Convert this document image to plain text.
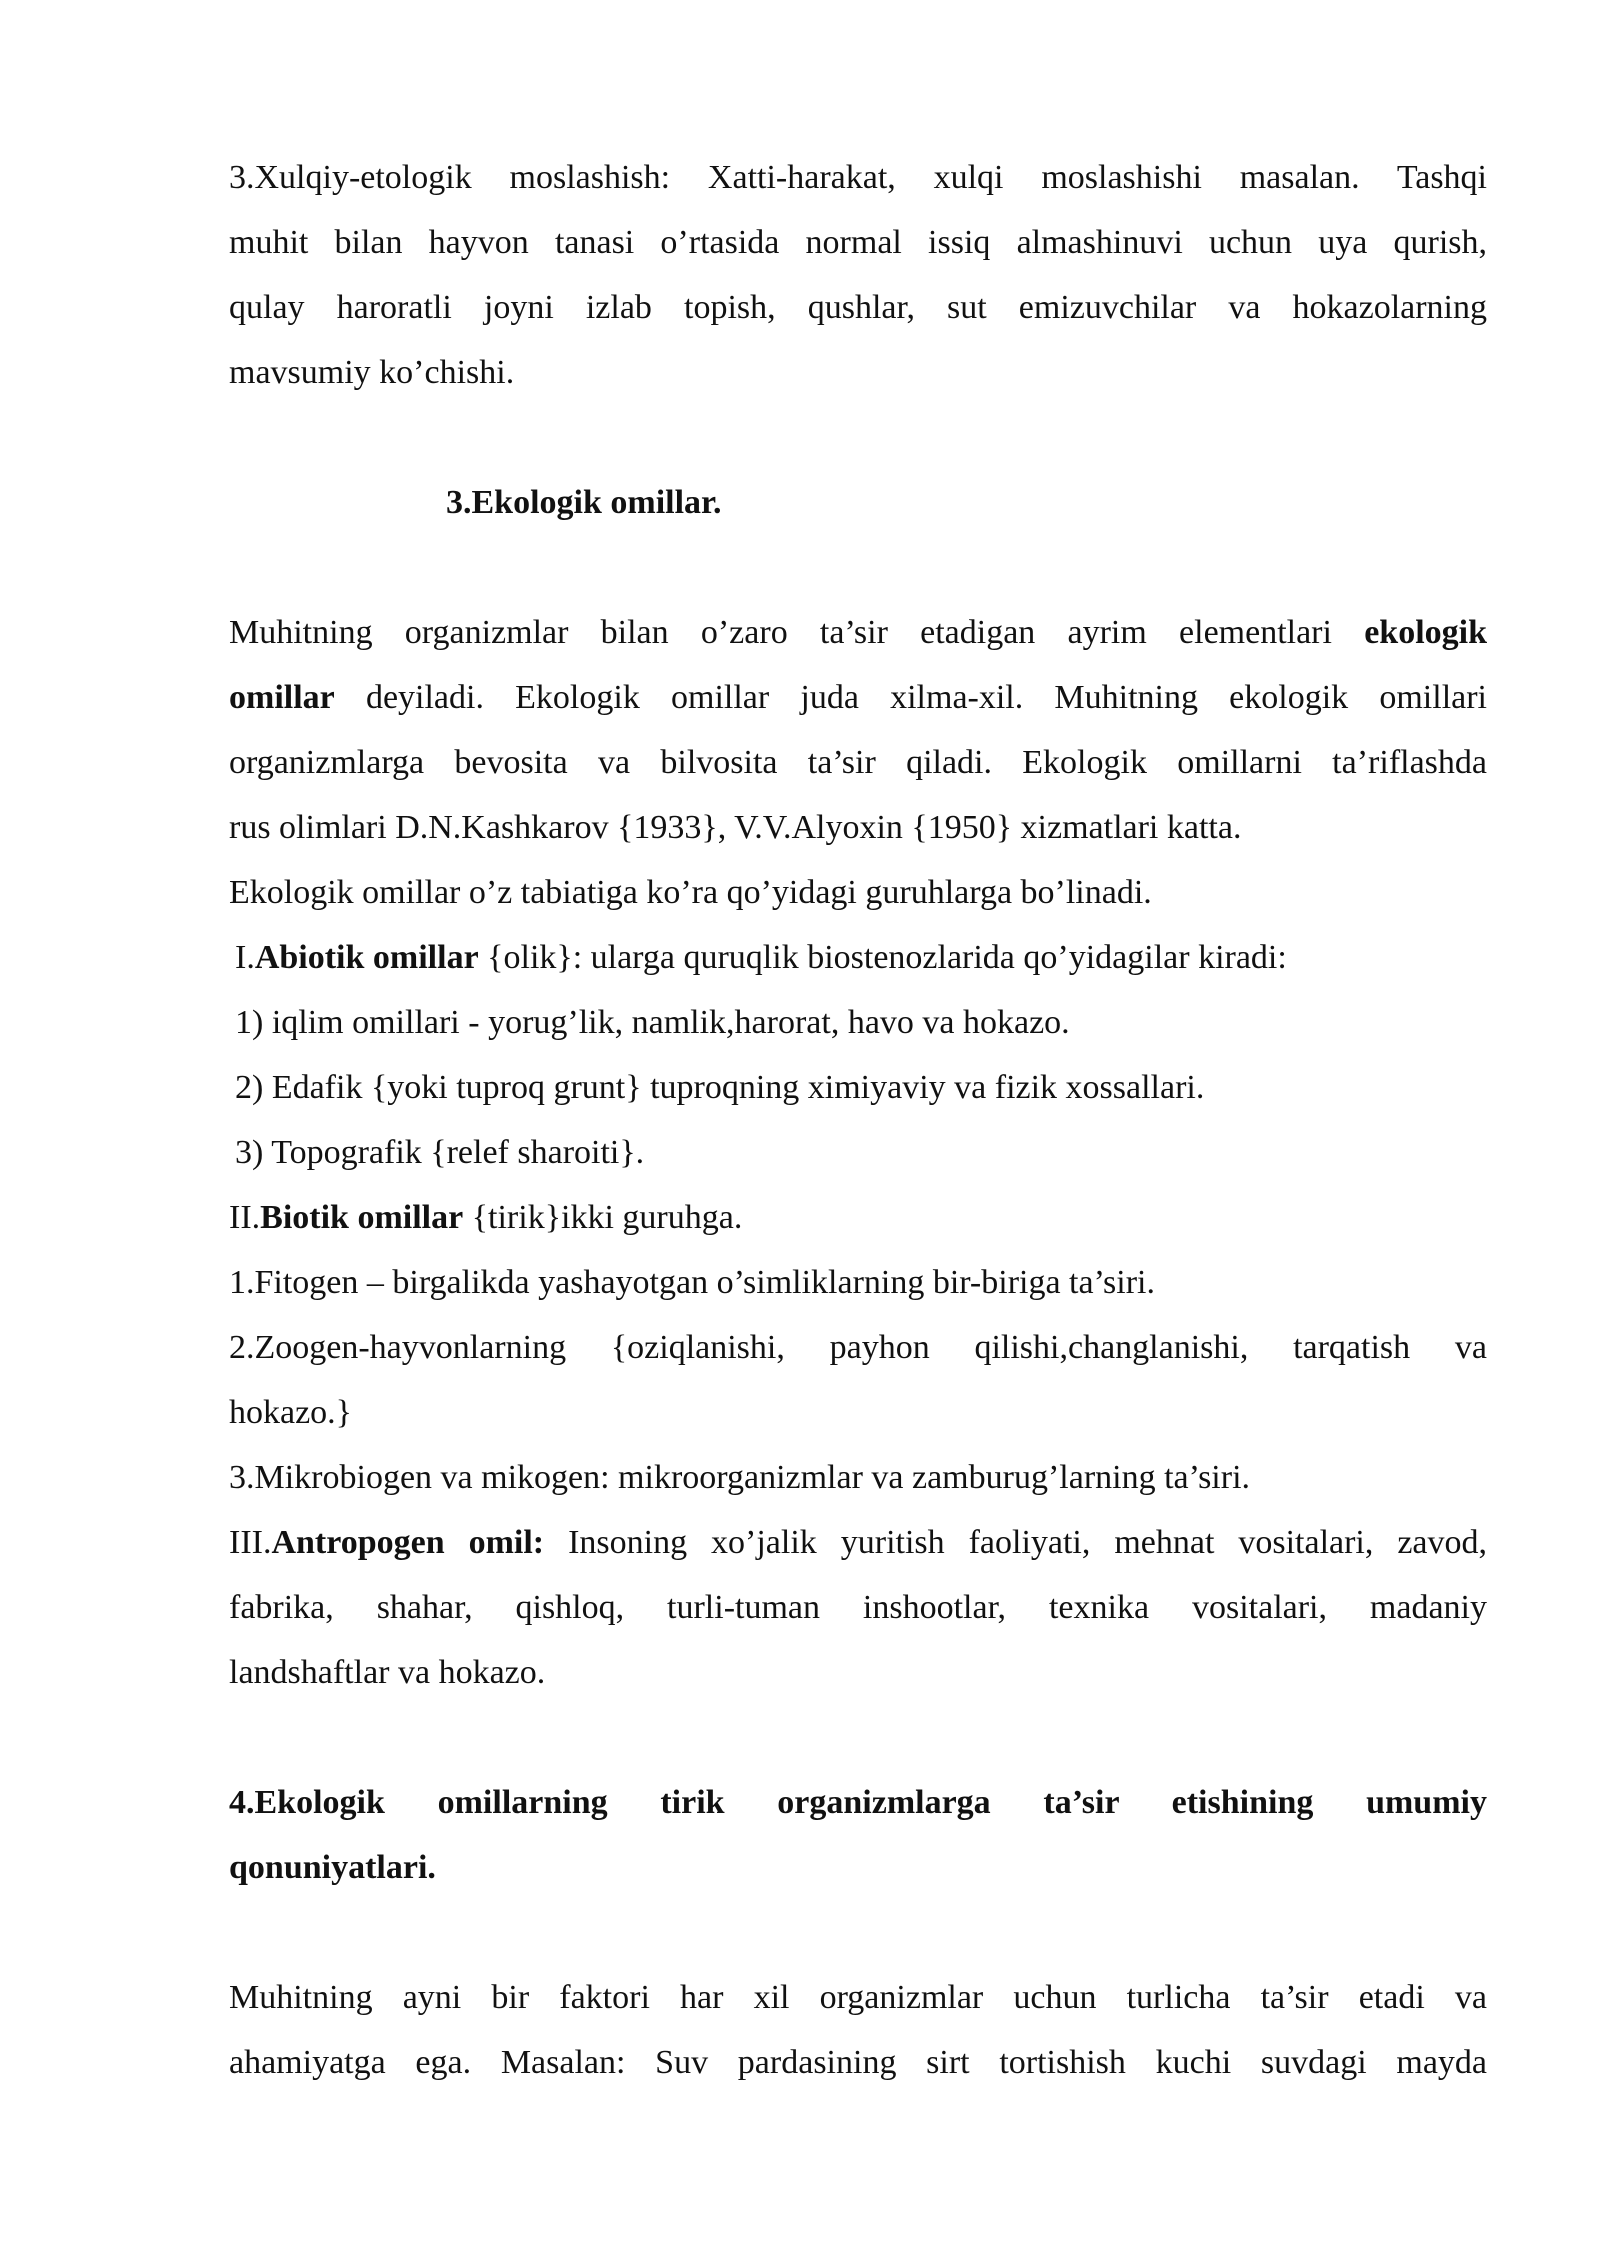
3.Xulqiy-etologik moslashish: Xatti-harakat, xulqi moslashishi masalan. Tashqi
muhit bilan hayvon tanasi o’rtasida normal issiq almashinuvi uchun uya qurish,
qulay haroratli joyni izlab topish, qushlar, sut emizuvchilar va hokazolarning
mavsumiy ko’chishi.

3.Ekologik omillar.

Muhitning organizmlar bilan o’zaro ta’sir etadigan ayrim elementlari ekologik
omillar deyiladi. Ekologik omillar juda xilma-xil. Muhitning ekologik omillari
organizmlarga bevosita va bilvosita ta’sir qiladi. Ekologik omillarni ta’riflashda
rus olimlari D.N.Kashkarov {1933}, V.V.Alyoxin {1950} xizmatlari katta.
Ekologik omillar o’z tabiatiga ko’ra qo’yidagi guruhlarga bo’linadi.
I.Abiotik omillar {olik}: ularga quruqlik biostenozlarida qo’yidagilar kiradi:
1) iqlim omillari - yorug’lik, namlik,harorat, havo va hokazo.
2) Edafik {yoki tuproq grunt} tuproqning ximiyaviy va fizik xossallari.
3) Topografik {relef sharoiti}.
II.Biotik omillar {tirik}ikki guruhga.
1.Fitogen – birgalikda yashayotgan o’simliklarning bir-biriga ta’siri.
2.Zoogen-hayvonlarning {oziqlanishi, payhon qilishi,changlanishi, tarqatish va
hokazo.}
3.Mikrobiogen va mikogen: mikroorganizmlar va zamburug’larning ta’siri.
III.Antropogen omil: Insoning xo’jalik yuritish faoliyati, mehnat vositalari, zavod,
fabrika, shahar, qishloq, turli-tuman inshootlar, texnika vositalari, madaniy
landshaftlar va hokazo.
4.Ekologik omillarning tirik organizmlarga ta’sir etishining umumiy
qonuniyatlari.
Muhitning ayni bir faktori har xil organizmlar uchun turlicha ta’sir etadi va
ahamiyatga ega. Masalan: Suv pardasining sirt tortishish kuchi suvdagi mayda
